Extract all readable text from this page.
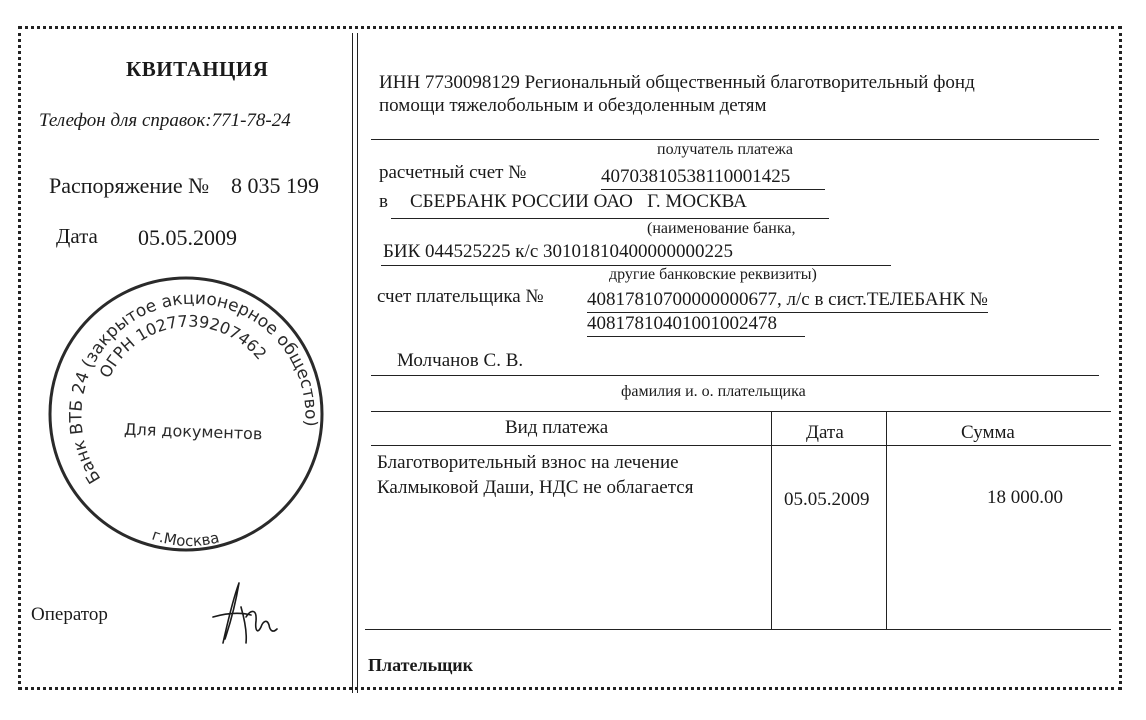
КВИТАНЦИЯ
Телефон для справок:771-78-24
Распоряжение № 8 035 199
Дата 05.05.2009
Банк ВТБ 24 (закрытое акционерное общество)
ОГРН 1027739207462
Для документов
г.Москва
Оператор
ИНН 7730098129 Региональный общественный благотворительный фонд
помощи тяжелобольным и обездоленным детям
получатель платежа
расчетный счет №	40703810538110001425
в СБЕРБАНК РОССИИ ОАО   Г. МОСКВА
(наименование банка,
БИК 044525225 к/с 30101810400000000225
другие банковские реквизиты)
счет плательщика № 40817810700000000677, л/с в сист.ТЕЛЕБАНК №
40817810401001002478
Молчанов С. В.
фамилия и. о. плательщика
Вид платежа	Дата	Сумма
Благотворительный взнос на лечение
Калмыковой Даши, НДС не облагается
05.05.2009	18 000.00
Плательщик
